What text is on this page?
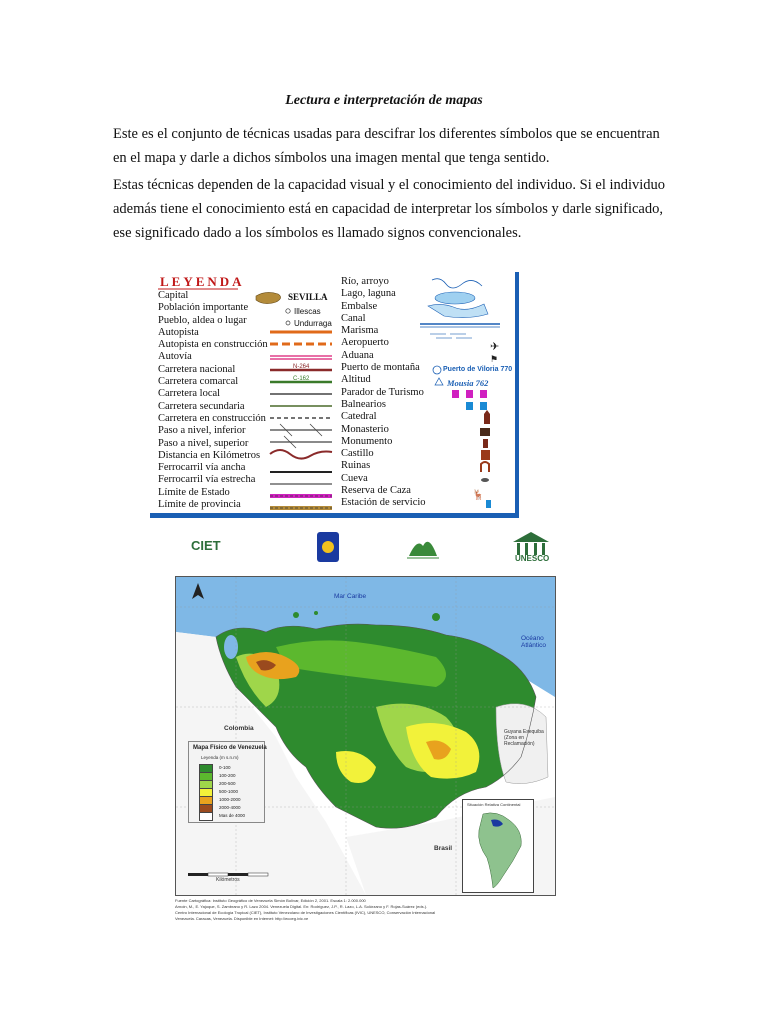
Lectura e interpretación de mapas
Este es el conjunto de técnicas usadas para descifrar los diferentes símbolos que se encuentran en el mapa y darle a dichos símbolos una imagen mental que tenga sentido.
Estas técnicas dependen de la capacidad visual y el conocimiento del individuo. Si el individuo además tiene el conocimiento está en capacidad de interpretar los símbolos y darle significado, ese significado dado a los símbolos es llamado signos convencionales.
✈
⚑
🦌
LEYENDA
Capital
Población importante
Pueblo, aldea o lugar
Autopista
Autopista en construcción
Autovía
Carretera nacional
Carretera comarcal
Carretera local
Carretera secundaria
Carretera en construcción
Paso a nivel, inferior
Paso a nivel, superior
Distancia en Kilómetros
Ferrocarril vía ancha
Ferrocarril vía estrecha
Límite de Estado
Límite de provincia
Río, arroyo
Lago, laguna
Embalse
Canal
Marisma
Aeropuerto
Aduana
Puerto de montaña
Altitud
Parador de Turismo
Balnearios
Catedral
Monasterio
Monumento
Castillo
Ruinas
Cueva
Reserva de Caza
Estación de servicio
SEVILLA
Illescas
Undurraga
N-264
C-162
Puerto de Viloria 770
Mousia 762
CIET
UNESCO
Mar Caribe
Océano Atlántico
Colombia
Brasil
Guyana Esequiba (Zona en Reclamación)
Kilómetros
Mapa Físico de Venezuela
Leyenda (m s.n.m)
0-100
100-200
200-500
500-1000
1000-2000
2000-4000
Mas de 4000
Situación Relativa Continental
Fuente Cartográfica: Instituto Geográfico de Venezuela Simón Bolívar, Edición 2, 2001. Escala 1: 2.000.000
Arnoin, M., E. Yajoque, S. Zambrano y R. Lazo 2004. Venezuela Digital. En: Rodríguez, J.P., R. Lazo, L.A. Solórzano y F. Rojas-Suárez (eds.).
Centro Internacional de Ecología Tropical (CIET), Instituto Venezolano de Investigaciones Científicas (IVIC), UNESCO, Conservación Internacional
Venezuela. Caracas, Venezuela. Disponible en Internet: http://ecoeg.ivic.ve
